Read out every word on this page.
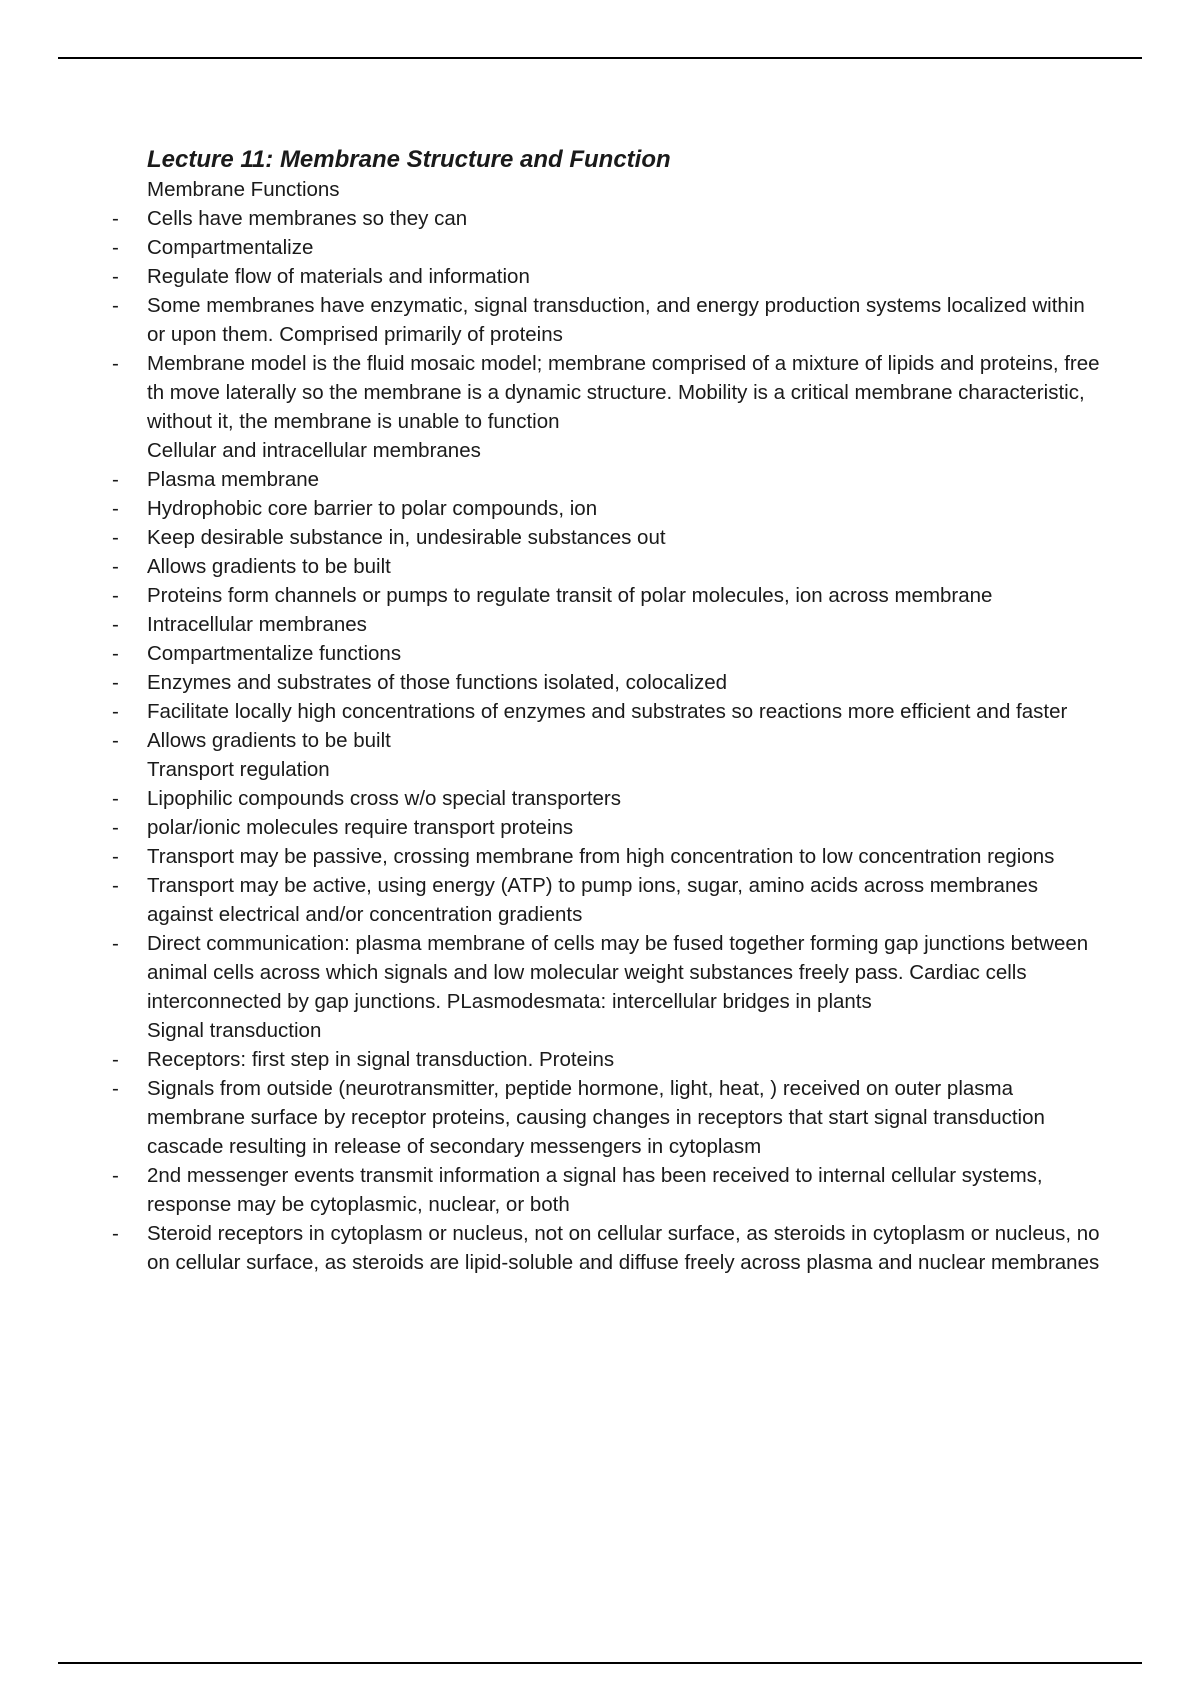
Lecture 11: Membrane Structure and Function

Membrane Functions

- Cells have membranes so they can
- Compartmentalize
- Regulate flow of materials and information
- Some membranes have enzymatic, signal transduction, and energy production systems localized within or upon them. Comprised primarily of proteins
- Membrane model is the fluid mosaic model; membrane comprised of a mixture of lipids and proteins, free th move laterally so the membrane is a dynamic structure. Mobility is a critical membrane characteristic, without it, the membrane is unable to function

Cellular and intracellular membranes

- Plasma membrane
- Hydrophobic core barrier to polar compounds, ion
- Keep desirable substance in, undesirable substances out
- Allows gradients to be built
- Proteins form channels or pumps to regulate transit of polar molecules, ion across membrane
- Intracellular membranes
- Compartmentalize functions
- Enzymes and substrates of those functions isolated, colocalized
- Facilitate locally high concentrations of enzymes and substrates so reactions more efficient and faster
- Allows gradients to be built

Transport regulation

- Lipophilic compounds cross w/o special transporters
- polar/ionic molecules require transport proteins
- Transport may be passive, crossing membrane from high concentration to low concentration regions
- Transport may be active, using energy (ATP) to pump ions, sugar, amino acids across membranes against electrical and/or concentration gradients
- Direct communication: plasma membrane of cells may be fused together forming gap junctions between animal cells across which signals and low molecular weight substances freely pass. Cardiac cells interconnected by gap junctions. PLasmodesmata: intercellular bridges in plants

Signal transduction

- Receptors: first step in signal transduction. Proteins
- Signals from outside (neurotransmitter, peptide hormone, light, heat, ) received on outer plasma membrane surface by receptor proteins, causing changes in receptors that start signal transduction cascade resulting in release of secondary messengers in cytoplasm
- 2nd messenger events transmit information a signal has been received to internal cellular systems, response may be cytoplasmic, nuclear, or both
- Steroid receptors in cytoplasm or nucleus, not on cellular surface, as steroids in cytoplasm or nucleus, no on cellular surface, as steroids are lipid-soluble and diffuse freely across plasma and nuclear membranes
